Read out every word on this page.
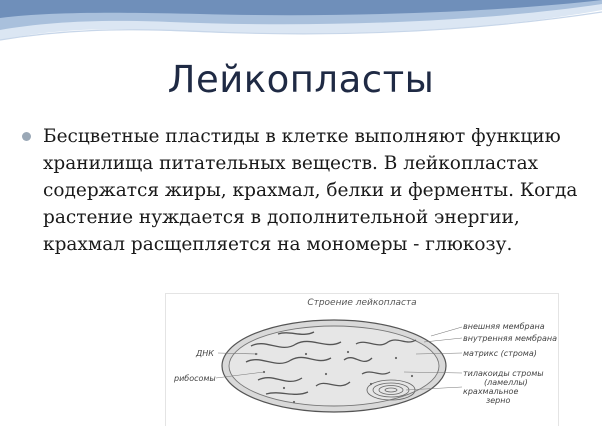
Лейкопласты
Бесцветные пластиды в клетке выполняют функцию хранилища питательных веществ. В лейкопластах содержатся жиры, крахмал, белки и ферменты. Когда растение нуждается в дополнительной энергии, крахмал расщепляется на мономеры - глюкозу.
Строение лейкопласта
внешняя мембрана
внутренняя мембрана
матрикс (строма)
тилакоиды стромы
(ламеллы)
крахмальное
зерно
ДНК
рибосомы
